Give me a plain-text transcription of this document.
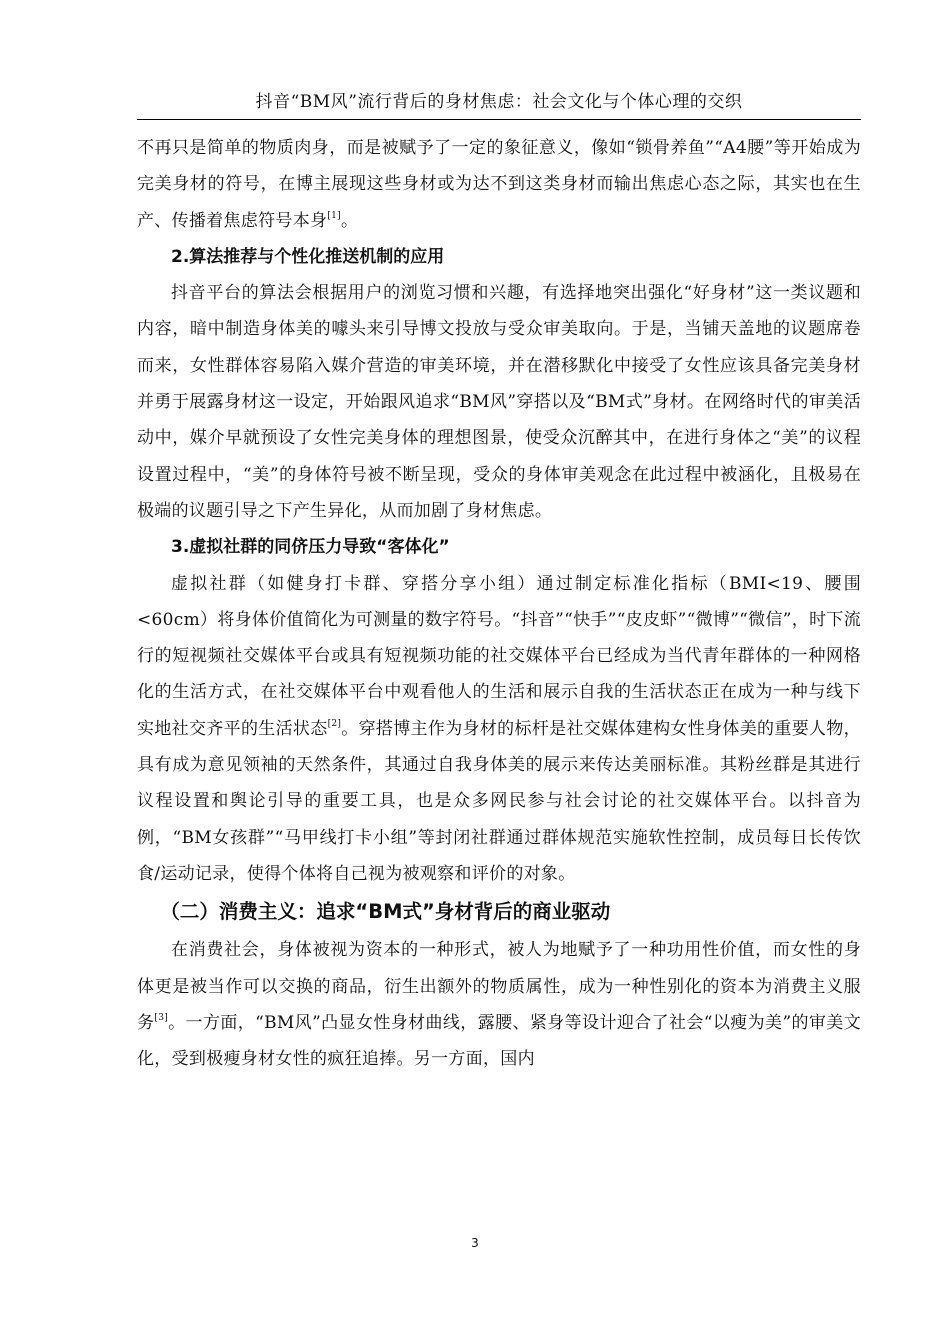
抖音“BM风”流行背后的身材焦虑：社会文化与个体心理的交织

不再只是简单的物质肉身，而是被赋予了一定的象征意义，像如“锁骨养鱼”“A4腰”等开始成为完美身材的符号，在博主展现这些身材或为达不到这类身材而输出焦虑心态之际，其实也在生产、传播着焦虑符号本身[1]。

2.算法推荐与个性化推送机制的应用

抖音平台的算法会根据用户的浏览习惯和兴趣，有选择地突出强化“好身材”这一类议题和内容，暗中制造身体美的噱头来引导博文投放与受众审美取向。于是，当铺天盖地的议题席卷而来，女性群体容易陷入媒介营造的审美环境，并在潜移默化中接受了女性应该具备完美身材并勇于展露身材这一设定，开始跟风追求“BM风”穿搭以及“BM式”身材。在网络时代的审美活动中，媒介早就预设了女性完美身体的理想图景，使受众沉醉其中，在进行身体之“美”的议程设置过程中，“美”的身体符号被不断呈现，受众的身体审美观念在此过程中被涵化，且极易在极端的议题引导之下产生异化，从而加剧了身材焦虑。

3.虚拟社群的同侪压力导致“客体化”

虚拟社群（如健身打卡群、穿搭分享小组）通过制定标准化指标（BMI<19、腰围<60cm）将身体价值简化为可测量的数字符号。“抖音”“快手”“皮皮虾”“微博”“微信”，时下流行的短视频社交媒体平台或具有短视频功能的社交媒体平台已经成为当代青年群体的一种网格化的生活方式，在社交媒体平台中观看他人的生活和展示自我的生活状态正在成为一种与线下实地社交齐平的生活状态[2]。穿搭博主作为身材的标杆是社交媒体建构女性身体美的重要人物，具有成为意见领袖的天然条件，其通过自我身体美的展示来传达美丽标准。其粉丝群是其进行议程设置和舆论引导的重要工具，也是众多网民参与社会讨论的社交媒体平台。以抖音为例，“BM女孩群”“马甲线打卡小组”等封闭社群通过群体规范实施软性控制，成员每日长传饮食/运动记录，使得个体将自己视为被观察和评价的对象。

（二）消费主义：追求“BM式”身材背后的商业驱动

在消费社会，身体被视为资本的一种形式，被人为地赋予了一种功用性价值，而女性的身体更是被当作可以交换的商品，衍生出额外的物质属性，成为一种性别化的资本为消费主义服务[3]。一方面，“BM风”凸显女性身材曲线，露腰、紧身等设计迎合了社会“以瘦为美”的审美文化，受到极瘦身材女性的疯狂追捧。另一方面，国内

3
